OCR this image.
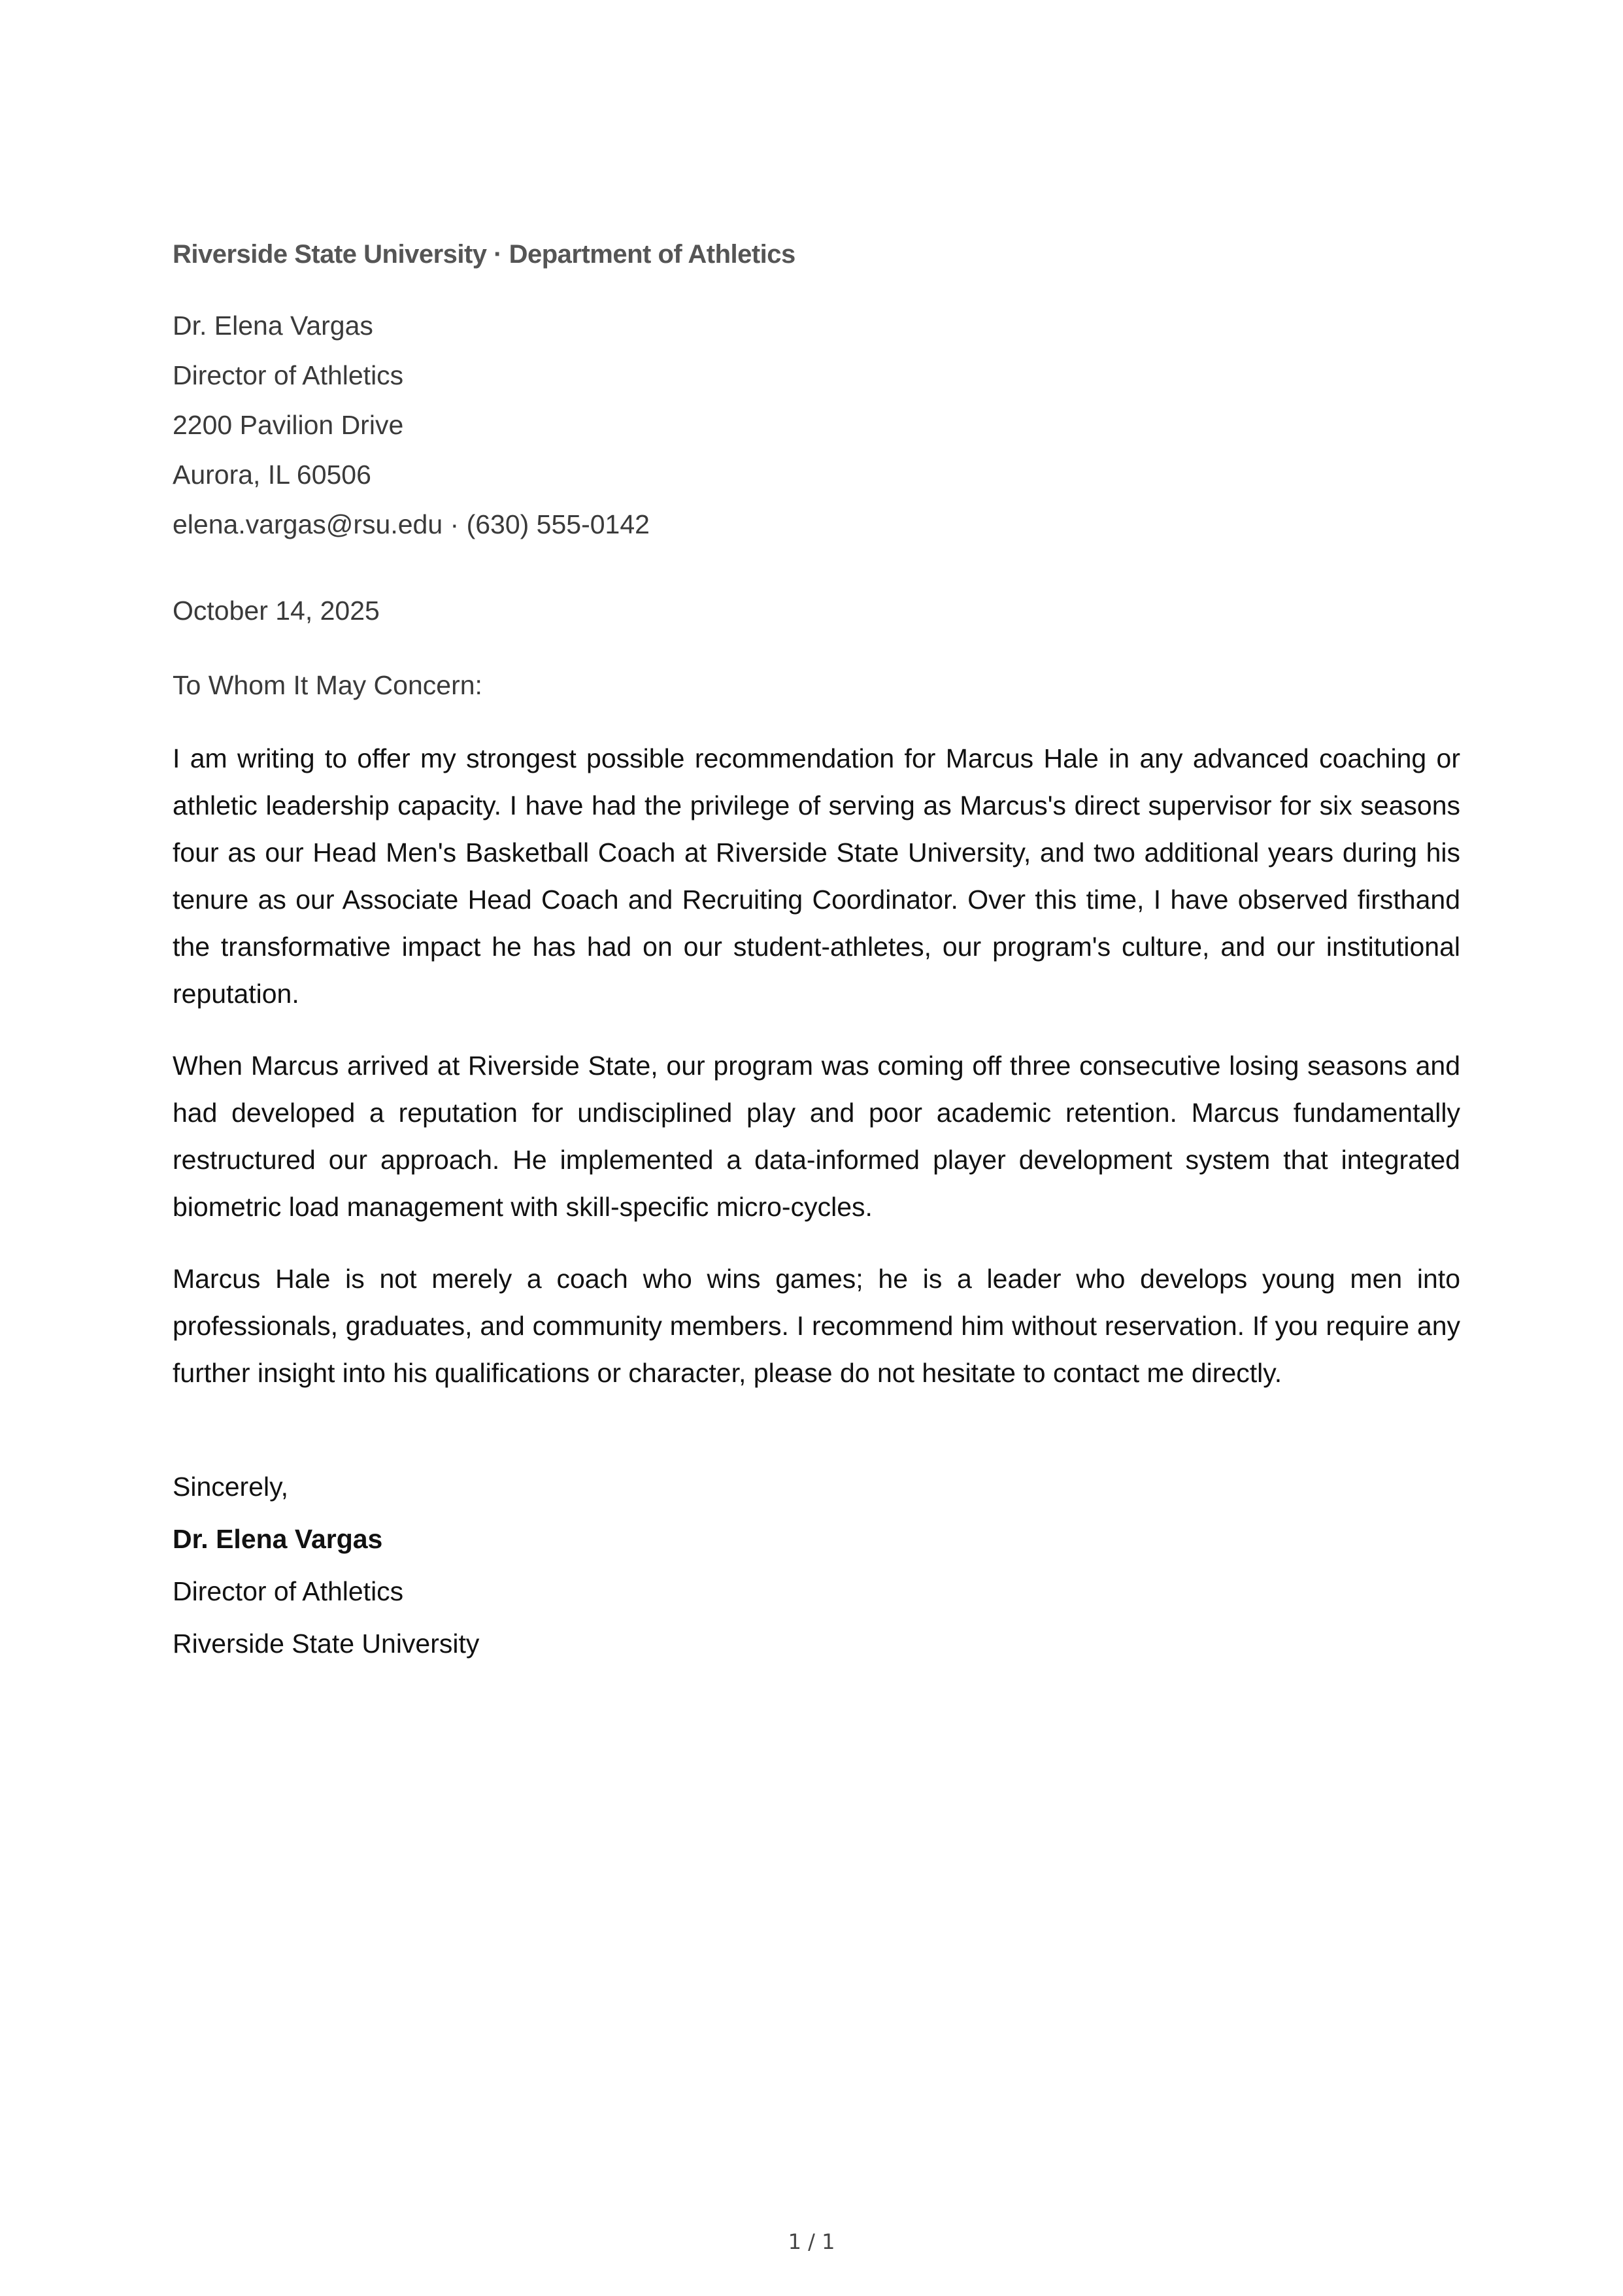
Riverside State University · Department of Athletics
Dr. Elena Vargas
Director of Athletics
2200 Pavilion Drive
Aurora, IL 60506
elena.vargas@rsu.edu · (630) 555-0142
October 14, 2025
To Whom It May Concern:

I am writing to offer my strongest possible recommendation for Marcus Hale in any advanced coaching or athletic leadership capacity. I have had the privilege of serving as Marcus's direct supervisor for six seasons four as our Head Men's Basketball Coach at Riverside State University, and two additional years during his tenure as our Associate Head Coach and Recruiting Coordinator. Over this time, I have observed firsthand the transformative impact he has had on our student-athletes, our program's culture, and our institutional reputation.

When Marcus arrived at Riverside State, our program was coming off three consecutive losing seasons and had developed a reputation for undisciplined play and poor academic retention. Marcus fundamentally restructured our approach. He implemented a data-informed player development system that integrated biometric load management with skill-specific micro-cycles.

Marcus Hale is not merely a coach who wins games; he is a leader who develops young men into professionals, graduates, and community members. I recommend him without reservation. If you require any further insight into his qualifications or character, please do not hesitate to contact me directly.

Sincerely,
Dr. Elena Vargas
Director of Athletics
Riverside State University
1 / 1
